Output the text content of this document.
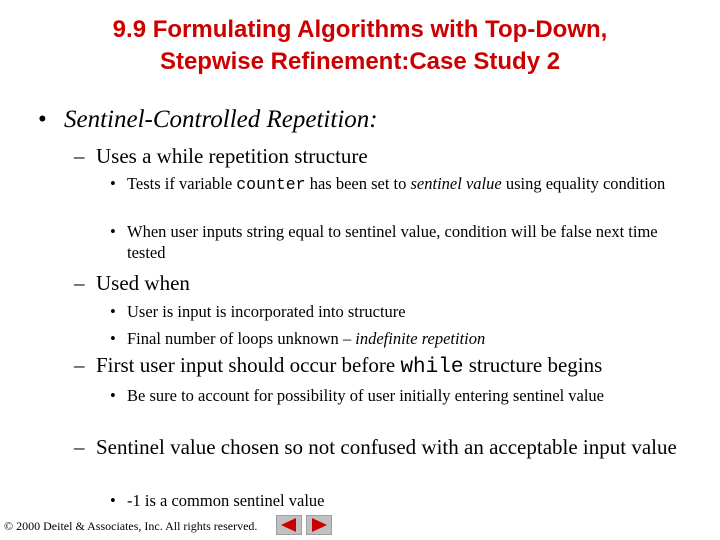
9.9 Formulating Algorithms with Top-Down,
Stepwise Refinement:Case Study 2
• Sentinel-Controlled Repetition:
– Uses a while repetition structure
• Tests if variable counter has been set to sentinel value using equality condition
• When user inputs string equal to sentinel value, condition will be false next time tested
– Used when
• User is input is incorporated into structure
• Final number of loops unknown – indefinite repetition
– First user input should occur before while structure begins
• Be sure to account for possibility of user initially entering sentinel value
– Sentinel value chosen so not confused with an acceptable input value
• -1 is a common sentinel value
© 2000 Deitel & Associates, Inc. All rights reserved.
